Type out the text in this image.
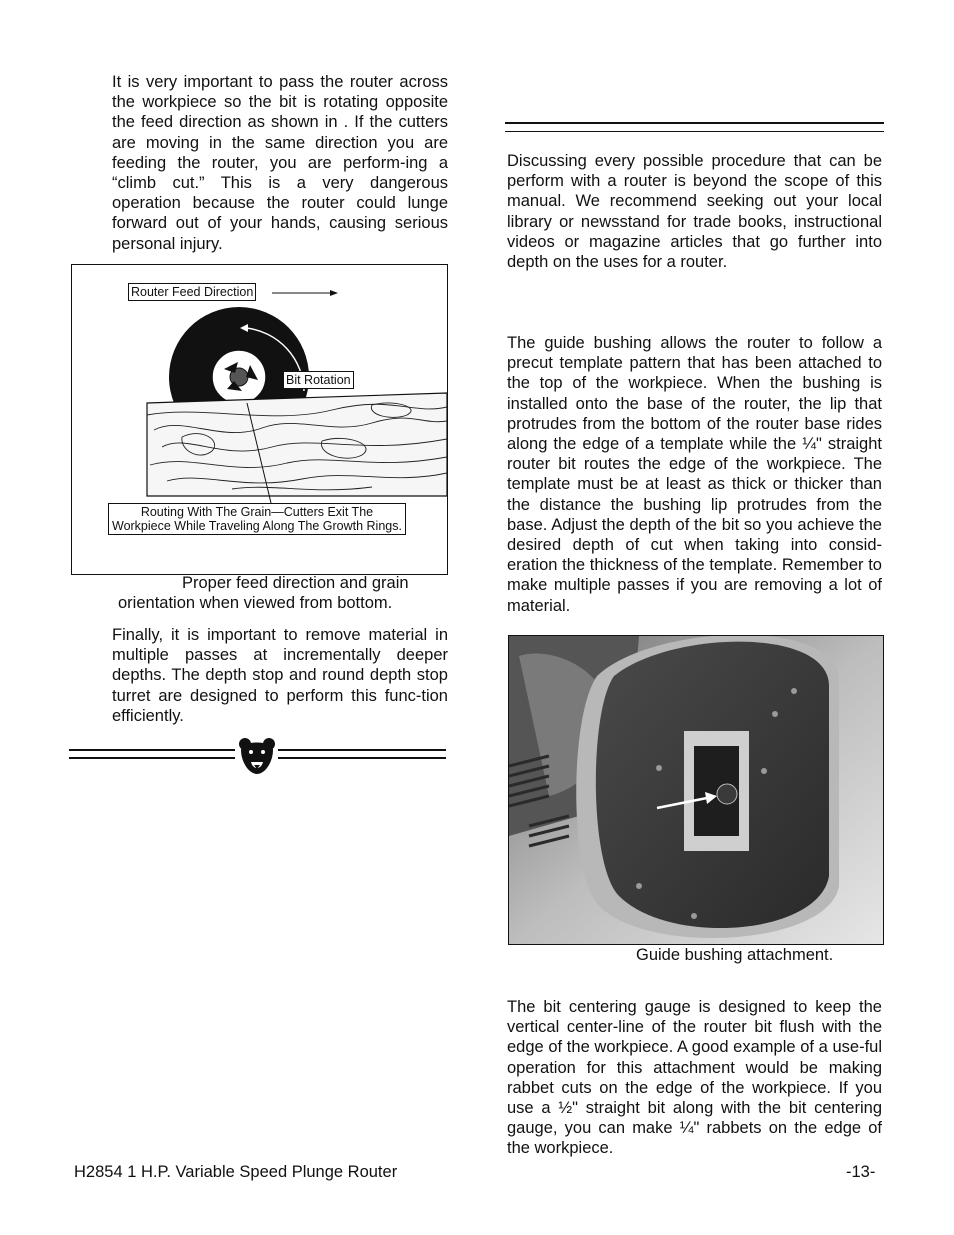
It is very important to pass the router across the workpiece so the bit is rotating opposite the feed direction as shown in . If the cutters are moving in the same direction you are feeding the router, you are perform-ing a “climb cut.” This is a very dangerous operation because the router could lunge forward out of your hands, causing serious personal injury.
Router Feed Direction
Bit Rotation
Routing With The Grain—Cutters Exit The
Workpiece While Traveling Along The Growth Rings.
Proper feed direction and grain
orientation when viewed from bottom.
Finally, it is important to remove material in multiple passes at incrementally deeper depths. The depth stop and round depth stop turret are designed to perform this func-tion efficiently.
Discussing every possible procedure that can be perform with a router is beyond the scope of this manual. We recommend seeking out your local library or newsstand for trade books, instructional videos or magazine articles that go further into depth on the uses for a router.
The guide bushing allows the router to follow a precut template pattern that has been attached to the top of the workpiece. When the bushing is installed onto the base of the router, the lip that protrudes from the bottom of the router base rides along the edge of a template while the ¼" straight router bit routes the edge of the workpiece. The template must be at least as thick or thicker than the distance the bushing lip protrudes from the base. Adjust the depth of the bit so you achieve the desired depth of cut when taking into consid-eration the thickness of the template. Remember to make multiple passes if you are removing a lot of material.
Guide bushing attachment.
The bit centering gauge is designed to keep the vertical center-line of the router bit flush with the edge of the workpiece. A good example of a use-ful operation for this attachment would be making rabbet cuts on the edge of the workpiece. If you use a ½" straight bit along with the bit centering gauge, you can make ¼" rabbets on the edge of the workpiece.
H2854 1 H.P. Variable Speed Plunge Router	-13-
